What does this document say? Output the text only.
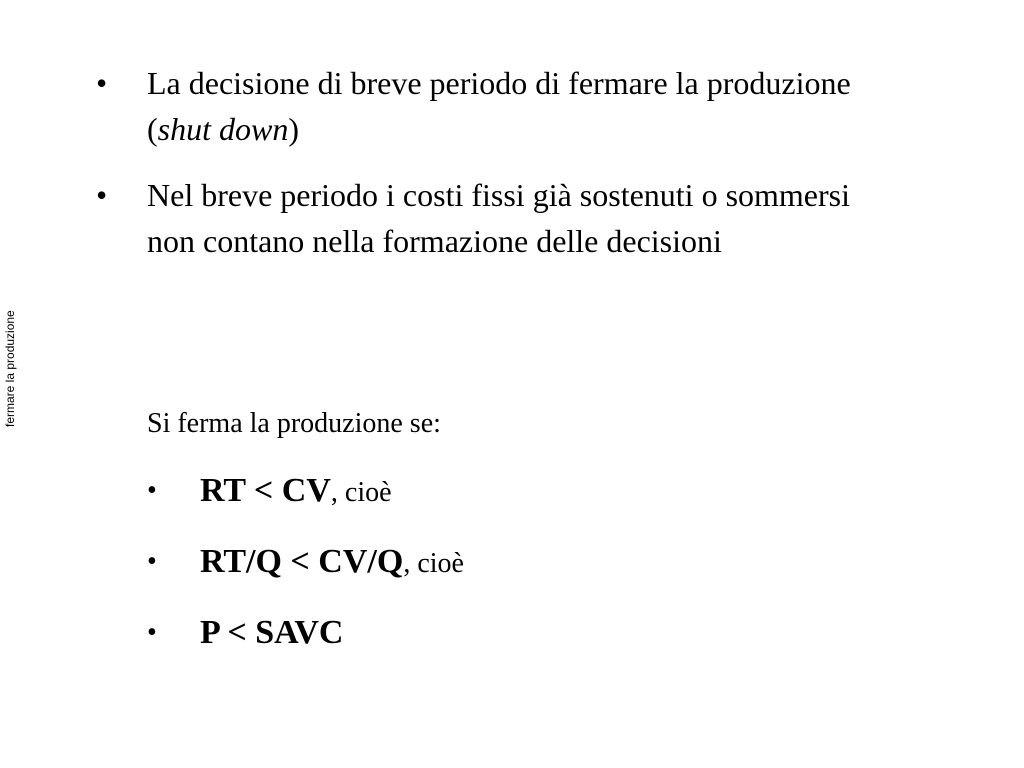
fermare la produzione
• La decisione di breve periodo di fermare la produzione (shut down)
• Nel breve periodo i costi fissi già sostenuti o sommersi non contano nella formazione delle decisioni
Si ferma la produzione se:
• RT < CV, cioè
• RT/Q < CV/Q, cioè
• P < SAVC
